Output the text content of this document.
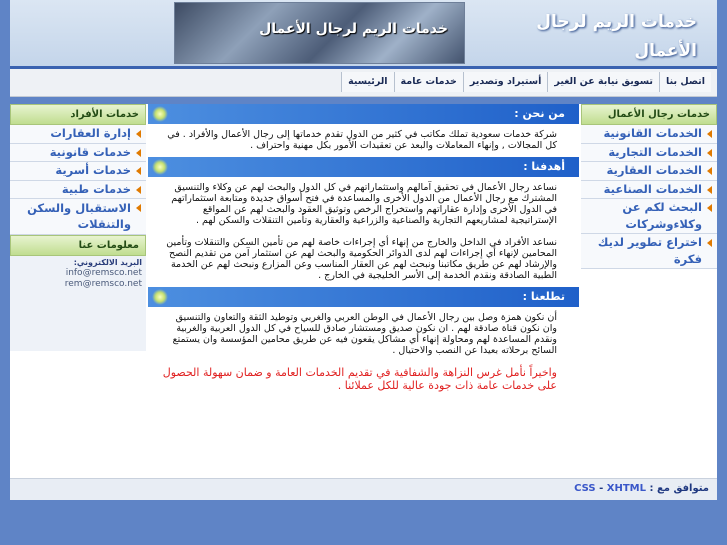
خدمات الريم لرجال الأعمال	خدمات الريم لرجال الأعمال
الرئيسية	خدمات عامة	أستيراد وتصدير	تسويق نيابة عن الغير	اتصل بنا
خدمات رجال الأعمال
الخدمات القانونية
الخدمات التجارية
الخدمات العقارية
الخدمات الصناعية
البحث لكم عن وكلاءوشركات
اختراع تطوير لديك فكرة
خدمات الأفراد
إدارة العقارات
خدمات قانونية
خدمات أسرية
خدمات طبية
الاستقبال والسكن والتنقلات
معلومات عنا
البريد الالكتروني:
info@remsco.net
rem@remsco.net
من نحن :
شركة خدمات سعودية تملك مكاتب في كثير من الدول تقدم خدماتها إلى رجال الأعمال والأفراد . في كل المجالات , وإنهاء المعاملات والبعد عن تعقيدات الأمور بكل مهنية واحتراف .
أهدفنا :
نساعد رجال الأعمال في تحقيق آمالهم واستثماراتهم في كل الدول والبحث لهم عن وكلاء والتنسيق المشترك مع رجال الأعمال من الدول الأخرى والمساعدة في فتح أسواق جديدة ومتابعة استثماراتهم في الدول الأخرى وإدارة عقاراتهم واستخراج الرخص وتوثيق العقود والبحث لهم عن المواقع الإستراتيجية لمشاريعهم التجارية والصناعية والزراعية والعقارية وتأمين التنقلات والسكن لهم .
نساعد الأفراد في الداخل والخارج من إنهاء أي إجراءات خاصة لهم من تأمين السكن والتنقلات وتأمين المحامين لإنهاء أي إجراءات لهم لدى الدوائر الحكومية والبحث لهم عن استثمار آمن من تقديم النصح والإرشاد لهم عن طريق مكاتبنا ونبحث لهم عن العقار المناسب وعن المزارع ونبحث لهم عن الخدمة الطبية الصادقة ونقدم الخدمة إلى الأسر الخليجية في الخارج .
تطلعنا :
أن نكون همزة وصل بين رجال الأعمال في الوطن العربي والغربي وتوطيد الثقة والتعاون والتنسيق وان نكون قناة صادقة لهم . ان نكون صديق ومستشار صادق للسياح في كل الدول العربية والغربية ونقدم المساعدة لهم ومحاولة إنهاء أي مشاكل يقعون فيه عن طريق محامين المؤسسة وان يستمتع السائح برحلاته بعيدا عن النصب والاحتيال .
واخيراً نأمل غرس النزاهة والشفافية في تقديم الخدمات العامة و ضمان سهولة الحصول على خدمات عامة ذات جودة عالية للكل عملائنا .
متوافق مع : CSS - XHTML
